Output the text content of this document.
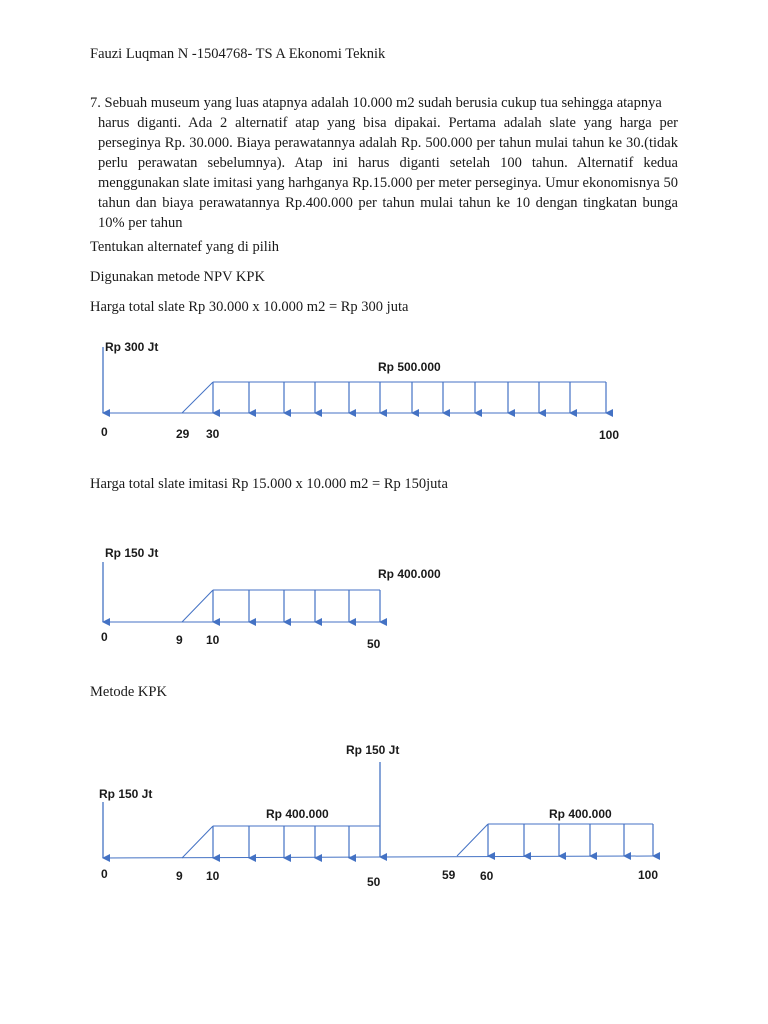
Fauzi Luqman N -1504768- TS A Ekonomi Teknik
7. Sebuah museum yang luas atapnya adalah 10.000 m2 sudah berusia cukup tua sehingga atapnya
harus diganti. Ada 2 alternatif atap yang bisa dipakai. Pertama adalah slate yang harga per perseginya Rp. 30.000. Biaya perawatannya adalah Rp. 500.000 per tahun mulai tahun ke 30.(tidak perlu perawatan sebelumnya). Atap ini harus diganti setelah 100 tahun. Alternatif kedua menggunakan slate imitasi yang harhganya Rp.15.000 per meter perseginya. Umur ekonomisnya 50 tahun dan biaya perawatannya Rp.400.000 per tahun mulai tahun ke 10 dengan tingkatan bunga 10% per tahun
Tentukan alternatef yang di pilih
Digunakan metode NPV KPK
Harga total slate Rp 30.000 x 10.000 m2 = Rp 300 juta
Rp 300 Jt
Rp 500.000
0	29 30	100
Harga total slate imitasi Rp 15.000 x 10.000 m2 = Rp 150juta
Rp 150 Jt
Rp 400.000
0	9 10	50
Metode KPK
Rp 150 Jt
Rp 150 Jt
Rp 400.000	Rp 400.000
0	9 10	50	59 60	100
